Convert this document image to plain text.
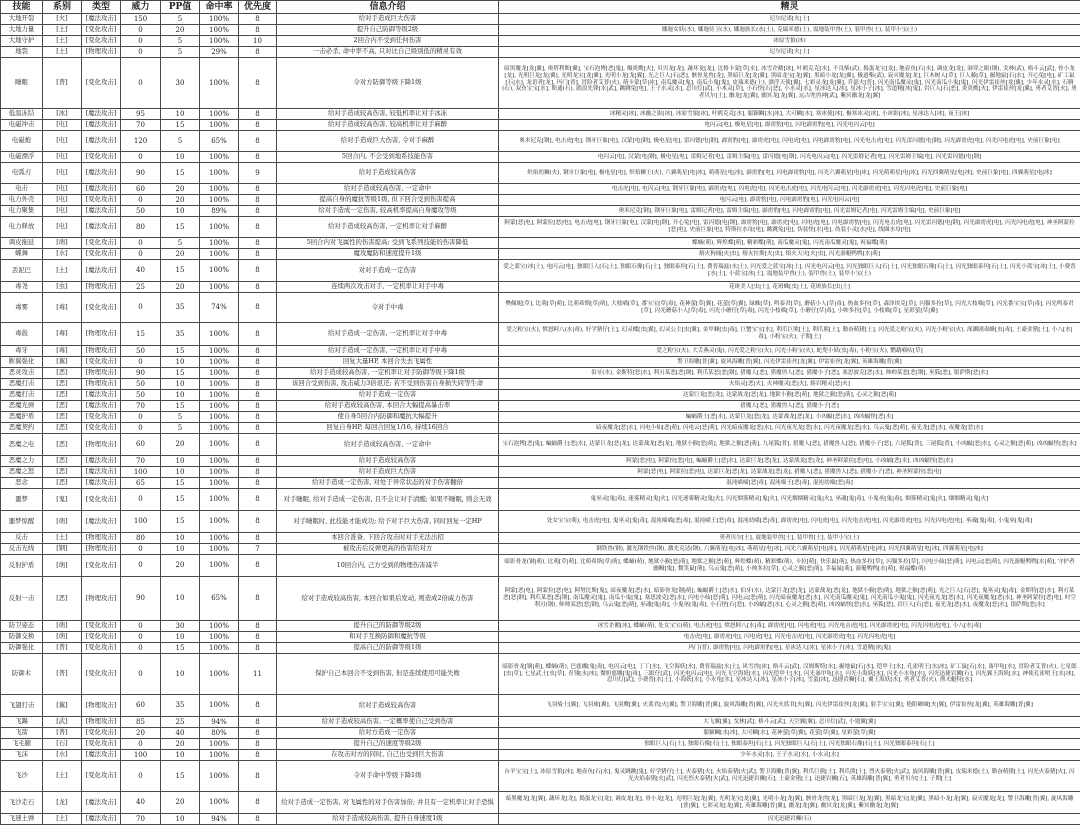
技能	系别	类型	威力	PP值	命中率	优先度	信息介绍	精灵
大地开裂	[火]	[魔法攻击]	150	5	100%	8	给对手造成巨大伤害	尼尔尼诺[火|土]
大地力量	[土]	[变化攻击]	0	20	100%	8	提升自己防御等级2级	娜迦女妖(水), 娜迦侍卫(水), 娜迦族长(水|土), 克瑞米德(土), 震地装甲兽(土), 装甲兽(土), 装甲小宝(土)
大地守护	[土]	[变化攻击]	0	5	100%	10	2回合内不受到任何伤害	冰原雪狼(冰)
地裂	[土]	[物理攻击]	0	5	29%	8	一击必杀, 命中率不高, 只对比自己级别低的精灵有效	尼尔尼诺[火|土]
睡眠	[普]	[变化攻击]	0	30	100%	8	令对方防御等级下降1级	暗黑魔龙[龙|翼], 奥塔利斯[翼], 宝石泡博[恶|鬼], 爆炎鹰[火], 贝贝龙[龙], 蔬坏龙[龙], 比格卡蒙[草|水], 冰雪企鹅[冰], 叶鸥克克[水], 不良柴(武), 捣蛋龙宝[龙], 地壶鱼[石|水], 调皮龙[龙], 洞穿之眼(钢), 戈林(武), 格斗云[武], 骨小龙[龙], 光明巨龙[龙|翼], 光明龙宝[龙|翼], 光明小龙[龙|翼], 光之巨人[石|恶], 骸骨龙兽[龙], 黑暗巨龙[龙|翼], 黑暗龙宝[龙|翼], 黑暗小龙[龙|翼], 极道柴(武), 寂灭魔龙[龙], 巨木树人[草], 巨人藤[草], 掘地鼠[石|水], 开心兔[电], 矿工鼠[石|水], 龙语者[龙], 玛门[普], 冒险者艾普(火), 萌卡蒙[草|冰], 南瓜魔灵[鬼], 南瓜小鬼[鬼], 皮瑞米德(土), 漂浮天使[翼], 七彩灵龙[龙|翼], 乔瑟夫[普], 闪光南瓜魔灵[鬼], 闪光南瓜小鬼[鬼], 闪光伊雷崔丝[龙|翼], 少年水灵[水], 石腾(石), 双鱼宝宝[水], 斯通(石), 踏浪先锋[水|武], 跳跳兔[电], 王子水灵[水], 忍川灯[武], 小木灵[草], 小石怪[石|恶], 小水灵[水], 星冰达人[冰], 星冰小子[冰], 雪道精[冰|鬼], 岩巨人[石|恶], 炎炎鹰[火], 伊雷崔丝[龙|翼], 勇者艾普[火], 勇者贝尔[土], 幽龙[龙|翼], 幽冥龙[龙|翼], 远古兜兽神[武], 紫冥幽龙[龙|翼]
低温冻结	[冰]	[魔法攻击]	95	10	100%	8	给对手造成较高伤害, 较低机率让对手冰冻	冰精灵[冰], 冰幽之影[冰], 冰原雪狼[冰], 叶鸥克克[水], 聪颖鲷[水|冰], 大可鲷[水], 寒冰使[冰], 极寒冰灵[冰], 小冰影[冰], 星冰达人[冰], 夜王[冰]
电磁冲击	[电]	[魔法攻击]	70	15	100%	8	给对手造成较高伤害, 较高机率让对手麻醉	电闪云[电], 极电星[电], 霹雳豹[电], 闪电霹雳豹[电], 闪光电闪云[电]
电磁炮	[电]	[魔法攻击]	120	5	65%	8	给对手造成巨大伤害, 令对手麻醉	奥米尼克[钢], 电击虎[电], 钢牙巨象[电], 汉蒙[电|钢], 极电星[电], 雷闪德[电|钢], 霹雳豹[电], 霹雳虎[电], 闪电虎[电], 闪电霹雳豹[电], 闪光电击虎[电], 闪光雷闪德[电|钢], 闪光霹雳虎[电], 闪光闪电虎[电], 史前巨象[电]
电磁漂浮	[电]	[变化攻击]	0	10	100%	8	5回合内, 不会受到地系技能伤害	电闪云[电], 汉蒙[电|钢], 极电星[电], 雷姆记者[电], 雷姆主编[电], 雷闪德[电|钢], 闪光电闪云[电], 闪光雷姆记者[电], 闪光雷姆主编[电], 闪光雷闪德[电|钢]
电弧刃	[电]	[魔法攻击]	90	15	100%	9	给对手造成较高伤害	炽焰幼狮(火), 钢牙巨象[电], 极电星[电], 炽焰狮王(火), 六翼萌星[电|冰], 萌萌星[电|冰], 霹雳豹[电], 闪电霹雳豹[电], 闪光六翼萌星[电|冰], 闪光萌萌星[电|冰], 闪光四翼萌星[电|冰], 史前巨象[电], 四翼萌星[电|冰]
电击	[电]	[魔法攻击]	60	20	100%	8	给对手造成较高伤害, 一定命中	电击虎[电], 电闪云[电], 钢牙巨象[电], 霹雳虎[电], 闪电虎[电], 闪光电击虎[电], 闪光电闪云[电], 闪光霹雳虎[电], 闪光闪电虎[电], 史前巨象[电]
电力外壳	[电]	[变化攻击]	0	20	100%	8	提高自身的魔抗等级1级, 但下回合受到伤害提高	电闪云[电], 霹雳豹[电], 闪电霹雳豹[电], 闪光电闪云[电]
电力聚集	[电]	[魔法攻击]	50	10	89%	8	给对手造成一定伤害, 较高机率提高自身魔攻等级	奥米尼克[钢], 钢牙巨象[电], 雷姆记者[电], 雷姆主编[电], 霹雳豹[电], 闪电霹雳豹[电], 闪光雷姆记者[电], 闪光雷姆主编[电], 史前巨象[电]
电力释放	[电]	[魔法攻击]	80	15	100%	8	给对手造成较高伤害, 一定机率让对手麻醉	阿蒙[恶|电], 阿蒙拉[恶|电], 电击虎[电], 钢牙巨象[电], 汉蒙[电|钢], 开心兔[电], 雷闪德[电|钢], 霹雳豹[电], 霹雳虎[电], 闪电虎[电], 闪电霹雳豹[电], 闪光电击虎[电], 闪光雷闪德[电|钢], 闪光霹雳虎[电], 闪光闪电虎[电], 神圣阿蒙拉[恶|电], 史前巨象[电], 特斯拉水母[电], 跳跳兔[电], 伪装怪[水|电], 伪装小灵[水|电], 线圈水母[电]
调皮拖延	[萌]	[变化攻击]	0	5	100%	8	5回合内对飞属性的伤害提高; 受到飞系列技能的伤害降低	蝶蛹(萌), 辉煌蝶[萌], 精彩蝶[萌], 南瓜魔灵[鬼], 闪光南瓜魔灵[鬼], 祝福蝶[萌]
蝶舞	[水]	[变化攻击]	0	20	100%	8	魔攻魔防和速度提升1级	熔火狗俑[火|虫], 熔火拉斯[火|虫], 熔火天灾[火|虫], 闪光游艇鸭鸭[水|萌]
丢泥巴	[土]	[魔法攻击]	40	15	100%	8	对对手造成一定伤害	爱之蓝宝(冰|土), 电闪云[电], 独眼巨人[石|土], 独眼石像[石|土], 独眼泰坦[石|土], 费普瑞兹(水|土), 闪光爱之蓝宝[冰|土], 闪光电闪云[电], 闪光独眼巨人[石|土], 闪光独眼石像[石|土], 闪光独眼泰坦[石|土], 闪光小蓝宝[冰|土], 小费普[水|土], 小蓝宝[冰|土], 震地装甲兽(土), 装甲兽(土), 装甲小宝(土)
毒尧	[虫]	[物理攻击]	25	20	100%	8	连续两次攻击对手, 一定机率让对手中毒	花斑美人[虫|土], 花斑蛛[虫|土], 花斑族长[虫|土]
毒雾	[毒]	[变化攻击]	0	35	74%	8	令对手中毒	樊佩妮[草], 比萌[草|萌], 比萌希斯[草|萌], 大枝喵[草], 番宝宝[草|毒], 花神萤[草|翼], 花萤[草|翼], 绿蛛[草], 鸣泰君[草], 蘑菇小人[草|毒], 热血多拉[草], 森泽埃克[草], 闪猫多拉[草], 闪光大枝喵[草], 闪光番宝宝[草|毒], 闪光鸣泰君[草], 闪光蘑菇小人[草|毒], 闪光小蘑仔[草|毒], 闪光小枝喵[草], 小蘑仔[草|毒], 小帅多拉[草], 小枝喵[草], 星彩萤[草|翼]
毒鼓	[毒]	[物理攻击]	15	35	100%	8	给对手造成一定伤害, 一定机率让对手中毒	爱之粉宝(火), 愤怒阿八(水|毒), 好学猪仔[土], 幻灵蝶[虫|翼], 幻灵公主[虫|翼], 金甲蜂[虫|毒], 巨蟹宝宝[水], 利爪巨熊[土], 利爪熊[土], 勤奋萌猪[土], 闪光爱之粉宝(火), 闪光小粉宝(火), 深渊剧毒蜂[虫|毒], 土豪金猪[土], 小八[水|毒], 小粉宝(火), 子期[土]
毒牙	[毒]	[物理攻击]	50	15	100%	8	给对手造成一定伤害, 一定机率让对手中毒	爱之粉宝(火), 大舌燕灵(鬼), 闪光爱之粉宝(火), 闪光小粉宝(火), 蛇咫小妖(虫|毒), 小粉宝(火), 鹦鹉嘀咕[草]
断翼强化	[翼]	[变化攻击]	0	10	100%	8	回复大量HP, 本回合失去飞属性	警卫海雕[普|翼], 旋风海雕[普|翼], 闪光伊雷崔丝[龙|翼], 伊雷崔丝[龙|翼], 英雄海雕[普|翼]
恶灵攻击	[恶]	[物理攻击]	90	15	100%	8	给对手造成较高伤害, 一定机率让对手防御等级下降1级	伯牙(水), 金斯特[恶|水], 利刃某恶[恶|钢], 利爪某恶[恶|钢], 猎魔人[恶], 猎魔兽人[恶], 猎魔小子[恶], 塞思波克[恶|水], 帅帅某恶[恶|钢], 巫狐[恶], 银萨斯[恶|水]
恶魔打击	[恶]	[物理攻击]	50	10	100%	8	该回合受到伤害, 攻击威力3倍返还; 若不受到伤害自身损失同等生命	火焰灵[恶|火], 火神魔灵[恶|火], 熔岩精灵[恶|火]
恶魔打击	[恶]	[魔法攻击]	50	10	100%	8	给对手造成一定伤害	达蒙巨龙[恶|龙], 达蒙战龙[恶|龙], 地狱小猴[恶|萌], 地狱之猴[恶|萌], 心灵之猴[恶|萌]
恶魔光弹	[恶]	[魔法攻击]	70	15	100%	8	给对手造成较高伤害, 本回合大幅提高暴击率	猎魔人[恶], 猎魔兽人[恶], 猎魔小子[恶]
恶魔护盾	[恶]	[变化攻击]	0	5	100%	8	使自身5回合内防御和魔抗大幅提升	蝙蝠爵士[恶|水], 达蒙巨龙[恶|龙], 达蒙战龙[恶|龙], 小凶蝠[恶|水], 凶凶蝠怪[恶|水]
恶魔契约	[恶]	[变化攻击]	0	5	100%	8	回复自身HP, 每回合回复1/16, 持续16回合	暗夜魔龙[恶|水], 闪电小仙[恶|萌], 闪电云[恶|萌], 闪光暗夜魔龙[恶|水], 闪光夜光龙[恶|水], 闪光夜魔龙[恶|水], 乌云鬼[恶|萌], 夜光龙[恶|水], 夜魔龙[恶|水]
恶魔之电	[恶]	[物理攻击]	60	20	100%	8	给对手造成较高伤害, 一定命中	宝石泡博[恶|鬼], 蝙蝠爵士[恶|水], 达蒙巨龙[恶|龙], 达蒙战龙[恶|龙], 地狱小猴[恶|萌], 地狱之猴[恶|萌], 九尾狐[普], 猎魔人[恶], 猎魔兽人[恶], 猎魔小子[恶], 六尾狐[普], 三尾狐[普], 小凶蝠[恶|水], 心灵之猴[恶|萌], 凶凶蝠怪[恶|水]
恶魔之力	[恶]	[魔法攻击]	70	10	100%	8	给对手造成较高伤害	阿蒙[恶|电], 阿蒙拉[恶|电], 蝙蝠爵士[恶|水], 达蒙巨龙[恶|龙], 达蒙战龙[恶|龙], 神圣阿蒙拉[恶|电], 小凶蝠[恶|水], 凶凶蝠怪[恶|水]
恶魔之怒	[恶]	[魔法攻击]	100	10	100%	8	给对手造成巨大伤害	阿蒙[恶|电], 阿蒙拉[恶|电], 达蒙巨龙[恶|龙], 达蒙战龙[恶|龙], 猎魔人[恶], 猎魔兽人[恶], 猎魔小子[恶], 神圣阿蒙拉[恶|电]
恶念	[恶]	[魔法攻击]	65	15	100%	8	给对手造成一定伤害, 对处于异常状态的对手伤害翻倍	混沌喵喵[恶|毒], 混沌喵王[恶|毒], 混沌幼喵[恶|毒]
噩梦	[鬼]	[变化攻击]	0	15	100%	8	对手睡眠, 给对手造成一定伤害, 且不会让对手清醒; 如果不睡眠, 则会无效	鬼巫灵[鬼|毒], 迷雾精灵[鬼|火], 闪光迷雾精灵[鬼|火], 闪光烟雾精灵[鬼|火], 闪光烟烟精灵[鬼|火], 巫魂[鬼|毒], 小鬼巫[鬼|毒], 烟雾精灵[鬼|火], 烟烟精灵[鬼|火]
噩梦惊醒	[萌]	[魔法攻击]	100	15	100%	8	对手睡眠时, 此技能才能成功; 给予对手巨大伤害, 同时回复一定HP	处女宝宝(萌), 电击虎[电], 鬼巫灵[鬼|毒], 混沌喵喵[恶|毒], 混沌喵王[恶|毒], 混沌幼喵[恶|毒], 霹雳虎[电], 闪电虎[电], 闪光电击虎[电], 闪光霹雳虎[电], 闪光闪电虎[电], 巫魂[鬼|毒], 小鬼巫[鬼|毒]
反击	[土]	[物理攻击]	80	10	100%	8	本回合准备, 下回合攻击时对手无法出招	勇者贝尔[土], 震地装甲兽[土], 装甲兽[土], 装甲小宝(土)
反击光线	[钢]	[物理攻击]	0	10	100%	7	被攻击后反弹更高的伤害给对方	钢铁兽(钢), 激光钢铁兽(钢), 激光克达(钢), 六翼萌星[电|冰], 萌萌星[电|冰], 闪光六翼萌星[电|冰], 闪光萌萌星[电|冰], 闪光四翼萌星[电|冰], 四翼萌星[电|冰]
反射护盾	[萌]	[变化攻击]	0	20	100%	8	10回合内, 己方受到的物理伤害减半	暗影骨龙(钢|萌), 比萌[草|萌], 比萌希斯[草|萌], 蝶蛹(萌), 地狱小猴[恶|萌], 地狱之猴[恶|萌], 辉煌蝶(萌), 精彩蝶(萌), 卡拉[萌], 快乐鼠[萌], 热血多拉[草], 闪猫多拉[草], 闪电小仙[恶|萌], 闪电云[恶|萌], 闪光游艇鸭鸭[水|萌], 守护者幽鳗[鬼], 微笑鼠[萌], 乌云鬼[恶|萌], 小帅多拉[草], 心灵之猴[恶|萌], 幸福鼠[萌], 游艇鸭鸭[水|萌], 祝福蝶(萌)
反射一击	[恶]	[物理攻击]	90	10	65%	8	给对手造成较高伤害, 本回合如果后发动, 则造成2倍威力伤害	阿蒙[恶|电], 阿蒙拉[恶|电], 阿努比斯[鬼], 暗夜魔龙[恶|水], 暗影骨龙[钢|萌], 蝙蝠爵士[恶|水], 伯牙(水), 达蒙巨龙[恶|龙], 达蒙战龙[恶|龙], 地狱小猴[恶|萌], 地狱之猴[恶|萌], 光之巨人[石|恶], 鬼巫灵[鬼|毒], 金斯特[恶|水], 利刃某恶[恶|钢], 利爪某恶[恶|钢], 南瓜魔灵[鬼], 南瓜小鬼[鬼], 塞思波克[恶|水], 闪电小仙[恶|萌], 闪电云[恶|萌], 闪光暗夜魔龙[恶|水], 闪光南瓜魔灵[鬼], 闪光南瓜小鬼[鬼], 闪光夜光龙[恶|水], 闪光夜魔龙[恶|水], 神圣阿蒙拉[恶|电], 时空利刃(钢), 帅帅某恶[恶|钢], 乌云鬼[恶|萌], 巫魂[鬼|毒], 小鬼巫[鬼|毒], 小石怪[石|恶], 小凶蝠[恶|水], 心灵之猴[恶|萌], 凶凶蝠怪[恶|水], 巫狐[恶], 岩巨人[石|恶], 夜光龙[恶|水], 夜魔龙[恶|水], 银萨斯[恶|水]
防卫姿态	[萌]	[变化攻击]	0	30	100%	8	提升自己的防御等级2级	冰雪企鹅[冰], 蝶蛹(萌), 处女宝宝(萌), 电击虎[电], 愤怒阿八[水|毒], 霹雳虎[电], 闪电虎[电], 闪光电击虎[电], 闪光霹雳虎[电], 闪光闪电虎[电], 小八[水|毒]
防御交换	[萌]	[变化攻击]	0	10	100%	8	和对手互换防御和魔抗等级	电击虎[电], 霹雳虎[电], 闪电虎[电], 闪光电击虎[电], 闪光霹雳虎[电], 闪光闪电虎[电]
防御强化	[普]	[变化攻击]	0	15	100%	8	提高自己的防御等级1级	玛门(普), 霹雳豹[电], 闪电霹雳豹[电], 星冰达人[冰], 星冰小子[冰], 雪道精[冰|鬼]
防御术	[普]	[变化攻击]	0	10	100%	11	保护自己本回合不受到伤害, 但是连续使用可能失败	暗影骨龙[钢|萌], 蝶蛹(萌), 巴慈娜[鬼|毒], 电闪云[电], 丁丁[水], 飞空海妖[水], 费普瑞兹[水|土], 风雪兽[冰], 格斗云[武], 汉姆斯特[水], 掘地鼠[石|水], 铠甲士[水], 孔雀明王[水|冰], 矿工鼠[石|水], 盔甲龟[水], 冒险者艾普(火), 七星郎[虫|草], 七星武士[虫|草], 青翎[水|冰], 微妲慈娜[鬼|毒], 三眼仔[武], 闪光电闪云[电], 闪光飞空海妖[水], 闪光铠甲士[水], 闪光盔甲龟[水], 闪光小海妖[水], 闪光小水龟[水], 闪光迅捷岩狮[石], 闪光翼王海妖[水], 神使孔雀明王[水|冰], 忍川灯[武], 小费普[水|土], 小海妖[水], 小水龟[水], 星冰达人[冰], 星冰小子[冰], 雪蛮[冰], 迅捷岩狮[石], 翼王海妖[水], 勇者艾普(火), 渔夫艇特[水]
飞翅打击	[翼]	[物理攻击]	60	35	100%	8	给对手造成较高伤害	飞羽骑士[翼], 飞羽球[翼], 飞羽鹰[翼], 火蓝君[火|翼], 警卫海雕[普|翼], 旋风海雕[普|翼], 闪光火蓝君[火|翼], 闪光伊雷崔丝[龙|翼], 射手宝宝[翼], 艳阳啵啵[火|翼], 伊雷崔丝[龙|翼], 英雄海雕[普|翼]
飞踢	[武]	[物理攻击]	85	25	94%	8	给对手造成较高伤害, 一定概率使自己受到伤害	大飞翼[翼], 戈林[武], 格斗云[武], 天空翼[翼], 忍川灯[武], 小翅翼[翼]
飞箭	[普]	[变化攻击]	20	40	80%	8	给对方造成一定伤害	聪颖鲷[水|冰], 大可鲷[水], 花神萤[草|翼], 花萤[草|翼], 星彩萤[草|翼]
飞毛腿	[石]	[变化攻击]	0	20	100%	8	提升自己的速度等级2级	独眼巨人[石|土], 独眼石像[石|土], 独眼泰坦[石|土], 闪光独眼巨人[石|土], 闪光独眼石像[石|土], 闪光独眼泰坦[石|土]
飞沫	[水]	[魔法攻击]	100	10	100%	8	在攻击对方的同时, 自己也受到巨大伤害	少年水灵[水], 王子水灵[水], 小水灵[水]
飞沙	[土]	[变化攻击]	0	15	100%	8	令对手命中等级下降1级	台羊宝宝[土], 冰原雪狼[冰], 地壶鱼[石|水], 鬼灵跳跳[鬼], 好学猪仔[土], 火泰猪[火], 火焰泰猪[火|武], 警卫海雕[普|翼], 利爪巨熊[土], 利爪熊[土], 烈火泰猪[火|武], 旋风海雕[普|翼], 皮瑞米德(土), 勤奋萌猪[土], 闪光火泰猪[火], 闪光火焰泰猪[火|武], 闪光烈火泰猪[火|武], 闪光迅捷岩狮[石], 土豪金猪[土], 迅捷岩狮[石], 英雄海雕[普|翼], 勇者贝尔[土], 子期[土]
飞沙走石	[龙]	[魔法攻击]	40	20	100%	8	给对手造成一定伤害, 对飞属性的对手伤害加倍; 并且有一定机率让对手恐惧	暗黑魔龙[龙|翼], 蔬坏龙[龙], 捣蛋龙宝[龙], 调皮龙[龙], 骨小龙[龙], 光明巨龙[龙|翼], 光明龙宝[龙|翼], 光明小龙[龙|翼], 骸骨龙兽[龙], 黑暗巨龙[龙|翼], 黑暗龙宝[龙|翼], 黑暗小龙[龙|翼], 寂灭魔龙[龙], 警卫海雕[普|翼], 旋风海雕[普|翼], 七彩灵龙[龙|翼], 英雄海雕[普|翼], 幽龙[龙|翼], 幽冥龙[龙|翼], 紫冥幽龙[龙|翼]
飞速土弹	[土]	[魔法攻击]	70	10	94%	8	给对手造成较高伤害, 提升自身速度1级	闪光迅捷岩狮(石)
